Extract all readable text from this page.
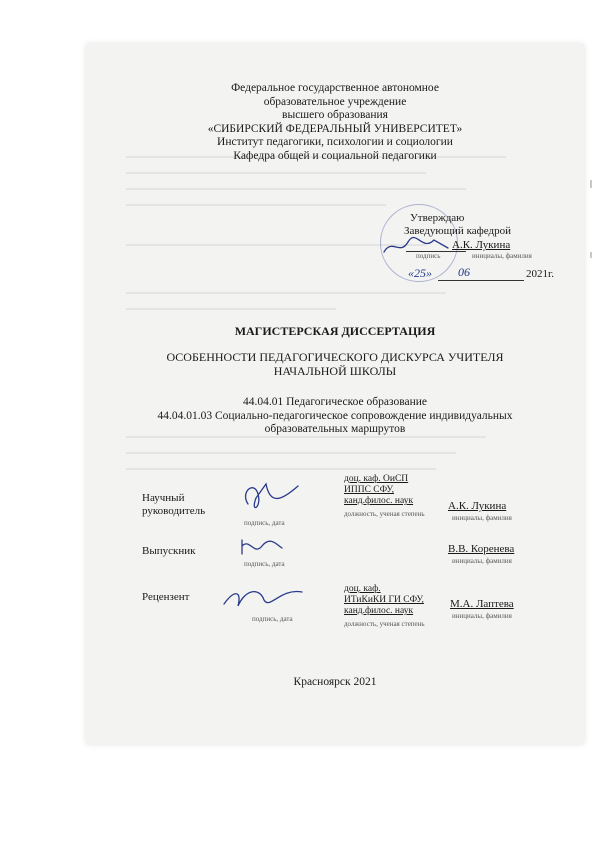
Федеральное государственное автономное
образовательное учреждение
высшего образования
«СИБИРСКИЙ ФЕДЕРАЛЬНЫЙ УНИВЕРСИТЕТ»
Институт педагогики, психологии и социологии
Кафедра общей и социальной педагогики
Утверждаю
Заведующий кафедрой
А.К. Лукина
подпись	инициалы, фамилия
«25» 06	2021г.
МАГИСТЕРСКАЯ ДИССЕРТАЦИЯ
ОСОБЕННОСТИ ПЕДАГОГИЧЕСКОГО ДИСКУРСА УЧИТЕЛЯ
НАЧАЛЬНОЙ ШКОЛЫ
44.04.01 Педагогическое образование
44.04.01.03 Социально-педагогическое сопровождение индивидуальных
образовательных маршрутов
Научный
руководитель
подпись, дата
доц. каф. ОиСП
ИППС СФУ,
канд.филос. наук
должность, ученая степень
А.К. Лукина
инициалы, фамилия
Выпускник
подпись, дата
В.В. Коренева
инициалы, фамилия
Рецензент
подпись, дата
доц. каф.
ИТиКиКИ ГИ СФУ,
канд.филос. наук
должность, ученая степень
М.А. Лаптева
инициалы, фамилия
Красноярск 2021
